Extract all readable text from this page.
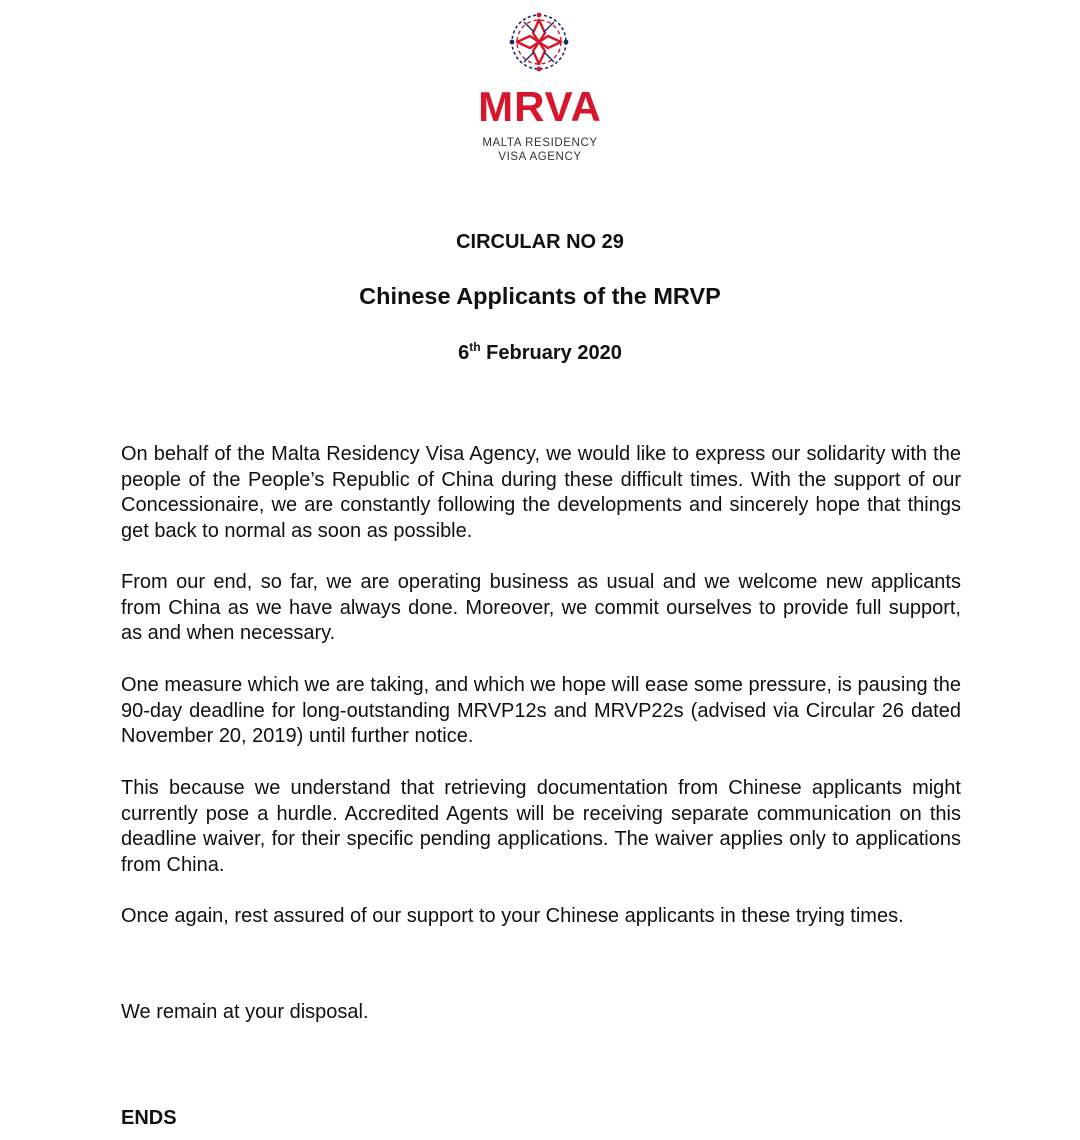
MRVA
MALTA RESIDENCY
VISA AGENCY
CIRCULAR NO 29
Chinese Applicants of the MRVP
6th February 2020
On behalf of the Malta Residency Visa Agency, we would like to express our solidarity with the people of the People’s Republic of China during these difficult times. With the support of our Concessionaire, we are constantly following the developments and sincerely hope that things get back to normal as soon as possible.
From our end, so far, we are operating business as usual and we welcome new applicants from China as we have always done. Moreover, we commit ourselves to provide full support, as and when necessary.
One measure which we are taking, and which we hope will ease some pressure, is pausing the 90-day deadline for long-outstanding MRVP12s and MRVP22s (advised via Circular 26 dated November 20, 2019) until further notice.
This because we understand that retrieving documentation from Chinese applicants might currently pose a hurdle. Accredited Agents will be receiving separate communication on this deadline waiver, for their specific pending applications. The waiver applies only to applications from China.
Once again, rest assured of our support to your Chinese applicants in these trying times.
We remain at your disposal.
ENDS
